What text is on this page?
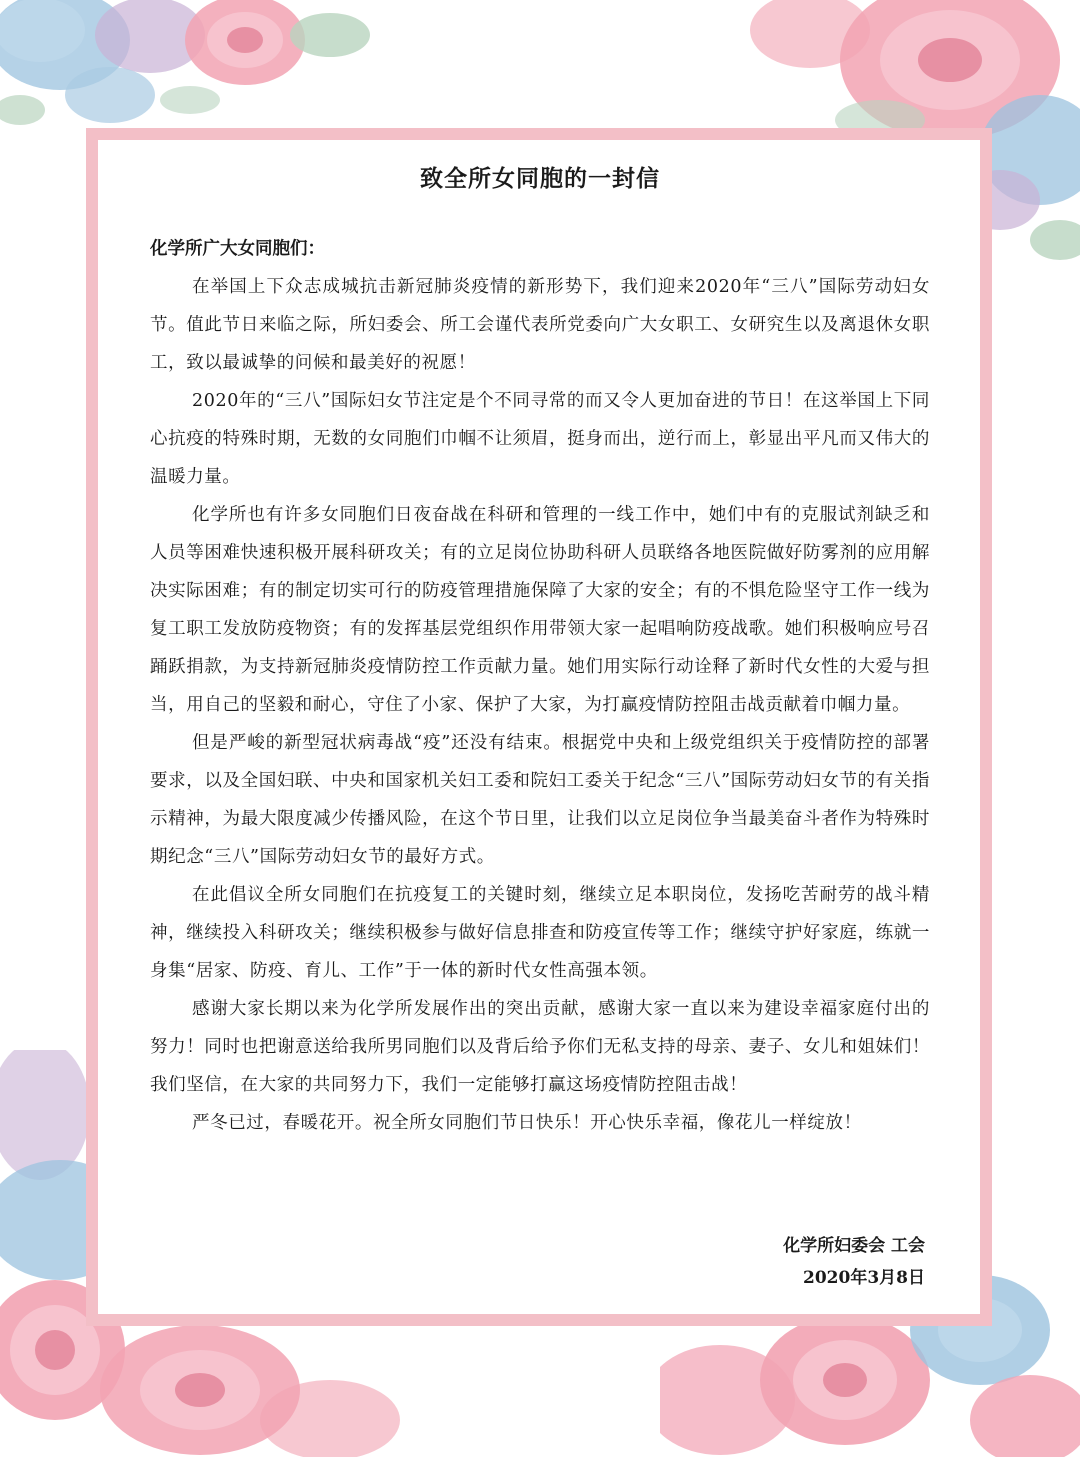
致全所女同胞的一封信
化学所广大女同胞们：

在举国上下众志成城抗击新冠肺炎疫情的新形势下，我们迎来2020年“三八”国际劳动妇女节。值此节日来临之际，所妇委会、所工会谨代表所党委向广大女职工、女研究生以及离退休女职工，致以最诚挚的问候和最美好的祝愿！

2020年的“三八”国际妇女节注定是个不同寻常的而又令人更加奋进的节日！在这举国上下同心抗疫的特殊时期，无数的女同胞们巾帼不让须眉，挺身而出，逆行而上，彰显出平凡而又伟大的温暖力量。

化学所也有许多女同胞们日夜奋战在科研和管理的一线工作中，她们中有的克服试剂缺乏和人员等困难快速积极开展科研攻关；有的立足岗位协助科研人员联络各地医院做好防雾剂的应用解决实际困难；有的制定切实可行的防疫管理措施保障了大家的安全；有的不惧危险坚守工作一线为复工职工发放防疫物资；有的发挥基层党组织作用带领大家一起唱响防疫战歌。她们积极响应号召踊跃捐款，为支持新冠肺炎疫情防控工作贡献力量。她们用实际行动诠释了新时代女性的大爱与担当，用自己的坚毅和耐心，守住了小家、保护了大家，为打赢疫情防控阻击战贡献着巾帼力量。

但是严峻的新型冠状病毒战“疫”还没有结束。根据党中央和上级党组织关于疫情防控的部署要求，以及全国妇联、中央和国家机关妇工委和院妇工委关于纪念“三八”国际劳动妇女节的有关指示精神，为最大限度减少传播风险，在这个节日里，让我们以立足岗位争当最美奋斗者作为特殊时期纪念“三八”国际劳动妇女节的最好方式。

在此倡议全所女同胞们在抗疫复工的关键时刻，继续立足本职岗位，发扬吃苦耐劳的战斗精神，继续投入科研攻关；继续积极参与做好信息排查和防疫宣传等工作；继续守护好家庭，练就一身集“居家、防疫、育儿、工作”于一体的新时代女性高强本领。

感谢大家长期以来为化学所发展作出的突出贡献，感谢大家一直以来为建设幸福家庭付出的努力！同时也把谢意送给我所男同胞们以及背后给予你们无私支持的母亲、妻子、女儿和姐妹们！我们坚信，在大家的共同努力下，我们一定能够打赢这场疫情防控阻击战！

严冬已过，春暖花开。祝全所女同胞们节日快乐！开心快乐幸福，像花儿一样绽放！

化学所妇委会 工会
2020年3月8日
